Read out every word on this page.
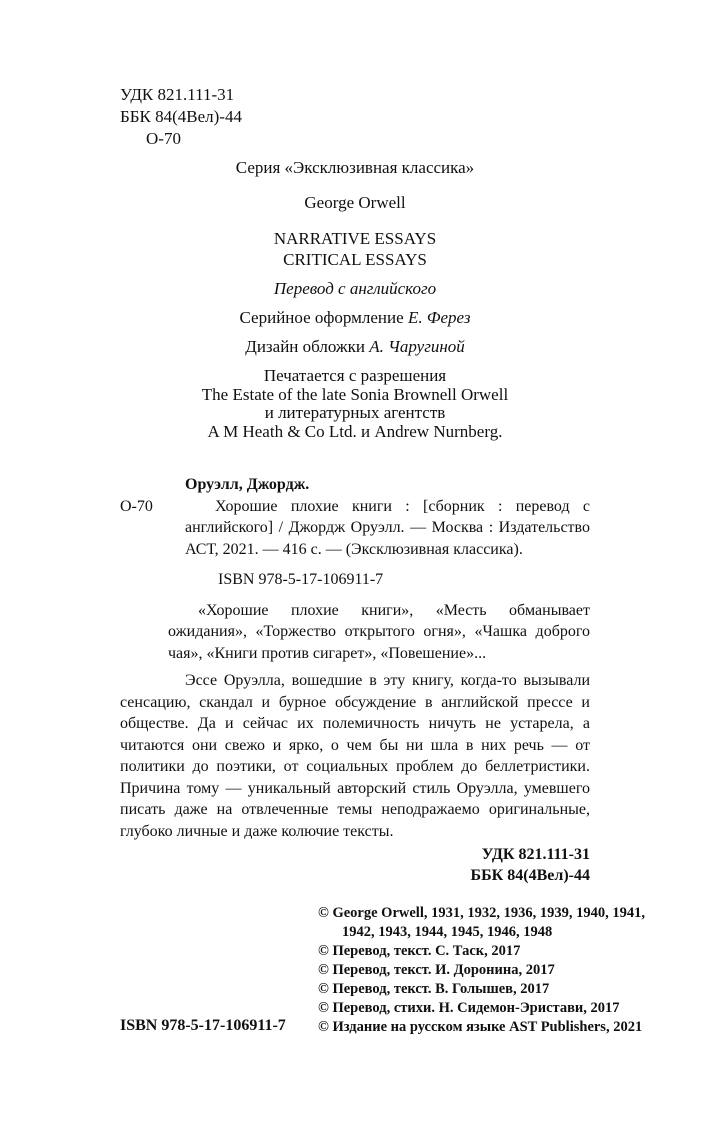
УДК 821.111-31

ББК 84(4Вел)-44

О-70

Серия «Эксклюзивная классика»

George Orwell

NARRATIVE ESSAYS

CRITICAL ESSAYS

Перевод с английского

Серийное оформление Е. Ферез

Дизайн обложки А. Чаругиной

Печатается с разрешения

The Estate of the late Sonia Brownell Orwell

и литературных агентств

A M Heath & Co Ltd. и Andrew Nurnberg.

Оруэлл, Джордж.

О-70	Хорошие плохие книги : [сборник : перевод с английского] / Джордж Оруэлл. — Москва : Издательство АСТ, 2021. — 416 с. — (Эксклюзивная классика).

ISBN 978-5-17-106911-7

«Хорошие плохие книги», «Месть обманывает ожидания», «Торжество открытого огня», «Чашка доброго чая», «Книги против сигарет», «Повешение»...

Эссе Оруэлла, вошедшие в эту книгу, когда-то вызывали сенсацию, скандал и бурное обсуждение в английской прессе и обществе. Да и сейчас их полемичность ничуть не устарела, а читаются они свежо и ярко, о чем бы ни шла в них речь — от политики до поэтики, от социальных проблем до беллетристики. Причина тому — уникальный авторский стиль Оруэлла, умевшего писать даже на отвлеченные темы неподражаемо оригинальные, глубоко личные и даже колючие тексты.

УДК 821.111-31

ББК 84(4Вел)-44

ISBN 978-5-17-106911-7

© George Orwell, 1931, 1932, 1936, 1939, 1940, 1941, 1942, 1943, 1944, 1945, 1946, 1948

© Перевод, текст. С. Таск, 2017

© Перевод, текст. И. Доронина, 2017

© Перевод, текст. В. Голышев, 2017

© Перевод, стихи. Н. Сидемон-Эристави, 2017

© Издание на русском языке AST Publishers, 2021
